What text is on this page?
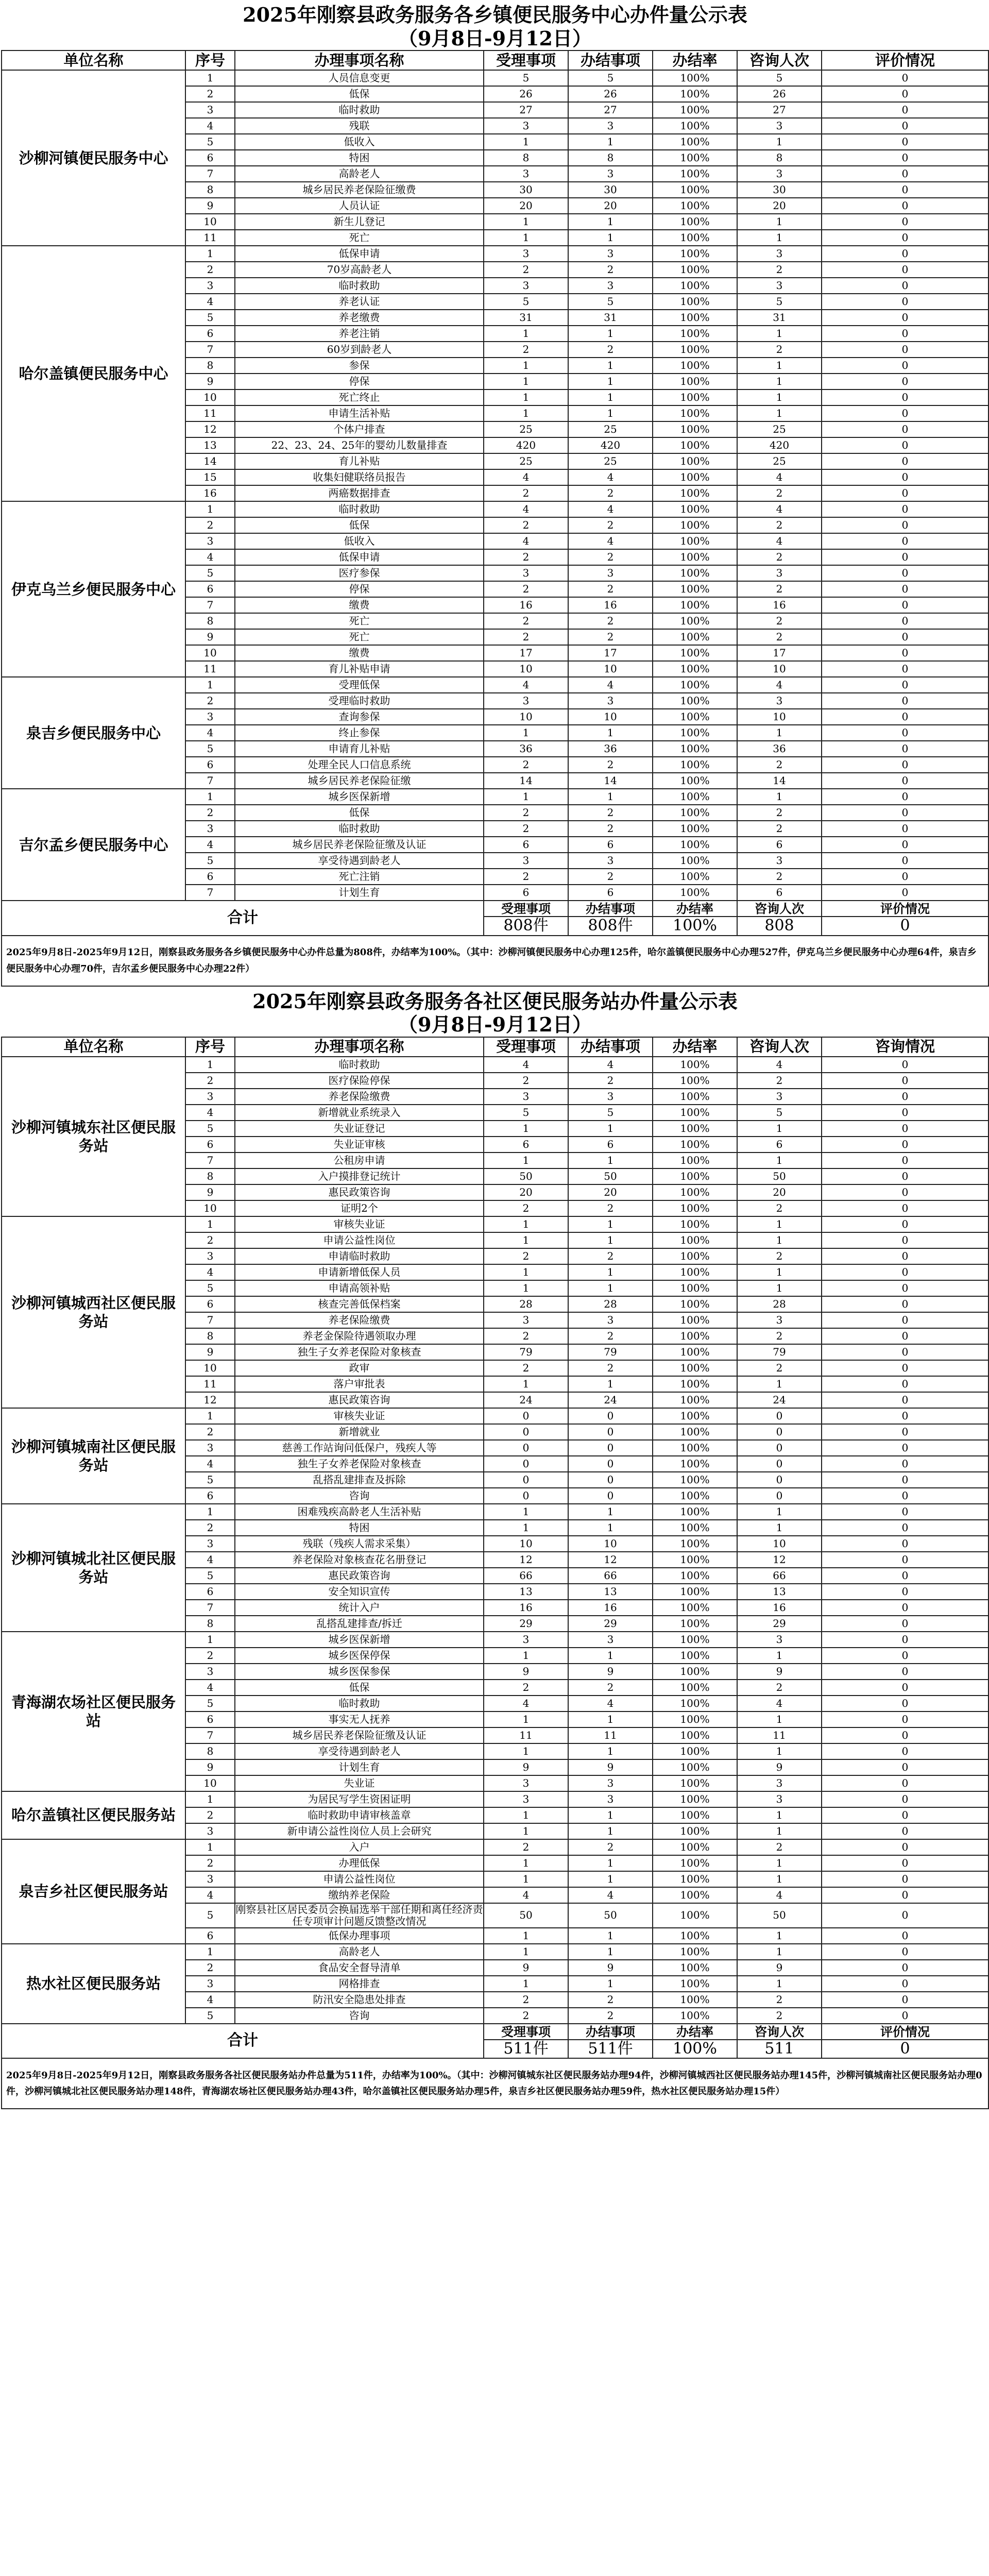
2025年刚察县政务服务各乡镇便民服务中心办件量公示表
（9月8日-9月12日）							

单位名称	序号	办理事项名称	受理事项	办结事项	办结率	咨询人次	评价情况
沙柳河镇便民服务中心	1	人员信息变更	5	5	100%	5	0
	2	低保	26	26	100%	26	0
	3	临时救助	27	27	100%	27	0
	4	残联	3	3	100%	3	0
	5	低收入	1	1	100%	1	0
	6	特困	8	8	100%	8	0
	7	高龄老人	3	3	100%	3	0
	8	城乡居民养老保险征缴费	30	30	100%	30	0
	9	人员认证	20	20	100%	20	0
	10	新生儿登记	1	1	100%	1	0
	11	死亡	1	1	100%	1	0
哈尔盖镇便民服务中心	1	低保申请	3	3	100%	3	0
	2	70岁高龄老人	2	2	100%	2	0
	3	临时救助	3	3	100%	3	0
	4	养老认证	5	5	100%	5	0
	5	养老缴费	31	31	100%	31	0
	6	养老注销	1	1	100%	1	0
	7	60岁到龄老人	2	2	100%	2	0
	8	参保	1	1	100%	1	0
	9	停保	1	1	100%	1	0
	10	死亡终止	1	1	100%	1	0
	11	申请生活补贴	1	1	100%	1	0
	12	个体户排查	25	25	100%	25	0
	13	22、23、24、25年的婴幼儿数量排查	420	420	100%	420	0
	14	育儿补贴	25	25	100%	25	0
	15	收集妇健联络员报告	4	4	100%	4	0
	16	两癌数据排查	2	2	100%	2	0
伊克乌兰乡便民服务中心	1	临时救助	4	4	100%	4	0
	2	低保	2	2	100%	2	0
	3	低收入	4	4	100%	4	0
	4	低保申请	2	2	100%	2	0
	5	医疗参保	3	3	100%	3	0
	6	停保	2	2	100%	2	0
	7	缴费	16	16	100%	16	0
	8	死亡	2	2	100%	2	0
	9	死亡	2	2	100%	2	0
	10	缴费	17	17	100%	17	0
	11	育儿补贴申请	10	10	100%	10	0
泉吉乡便民服务中心	1	受理低保	4	4	100%	4	0
	2	受理临时救助	3	3	100%	3	0
	3	查询参保	10	10	100%	10	0
	4	终止参保	1	1	100%	1	0
	5	申请育儿补贴	36	36	100%	36	0
	6	处理全民人口信息系统	2	2	100%	2	0
	7	城乡居民养老保险征缴	14	14	100%	14	0
吉尔孟乡便民服务中心	1	城乡医保新增	1	1	100%	1	0
	2	低保	2	2	100%	2	0
	3	临时救助	2	2	100%	2	0
	4	城乡居民养老保险征缴及认证	6	6	100%	6	0
	5	享受待遇到龄老人	3	3	100%	3	0
	6	死亡注销	2	2	100%	2	0
	7	计划生育	6	6	100%	6	0
合计			受理事项	办结事项	办结率	咨询人次	评价情况
			808件	808件	100%	808	0
2025年9月8日-2025年9月12日，刚察县政务服务各乡镇便民服务中心办件总量为808件，办结率为100%。（其中：沙柳河镇便民服务中心办理125件，哈尔盖镇便民服务中心办理527件，伊克乌兰乡便民服务中心办理64件，泉吉乡便民服务中心办理70件，吉尔孟乡便民服务中心办理22件）							
2025年刚察县政务服务各社区便民服务站办件量公示表
（9月8日-9月12日）							

单位名称	序号	办理事项名称	受理事项	办结事项	办结率	咨询人次	咨询情况
沙柳河镇城东社区便民服务站	1	临时救助	4	4	100%	4	0
	2	医疗保险停保	2	2	100%	2	0
	3	养老保险缴费	3	3	100%	3	0
	4	新增就业系统录入	5	5	100%	5	0
	5	失业证登记	1	1	100%	1	0
	6	失业证审核	6	6	100%	6	0
	7	公租房申请	1	1	100%	1	0
	8	入户摸排登记统计	50	50	100%	50	0
	9	惠民政策咨询	20	20	100%	20	0
	10	证明2个	2	2	100%	2	0
沙柳河镇城西社区便民服务站	1	审核失业证	1	1	100%	1	0
	2	申请公益性岗位	1	1	100%	1	0
	3	申请临时救助	2	2	100%	2	0
	4	申请新增低保人员	1	1	100%	1	0
	5	申请高领补贴	1	1	100%	1	0
	6	核查完善低保档案	28	28	100%	28	0
	7	养老保险缴费	3	3	100%	3	0
	8	养老金保险待遇领取办理	2	2	100%	2	0
	9	独生子女养老保险对象核查	79	79	100%	79	0
	10	政审	2	2	100%	2	0
	11	落户审批表	1	1	100%	1	0
	12	惠民政策咨询	24	24	100%	24	0
沙柳河镇城南社区便民服务站	1	审核失业证	0	0	100%	0	0
	2	新增就业	0	0	100%	0	0
	3	慈善工作站询问低保户，残疾人等	0	0	100%	0	0
	4	独生子女养老保险对象核查	0	0	100%	0	0
	5	乱搭乱建排查及拆除	0	0	100%	0	0
	6	咨询	0	0	100%	0	0
沙柳河镇城北社区便民服务站	1	困难残疾高龄老人生活补贴	1	1	100%	1	0
	2	特困	1	1	100%	1	0
	3	残联（残疾人需求采集）	10	10	100%	10	0
	4	养老保险对象核查花名册登记	12	12	100%	12	0
	5	惠民政策咨询	66	66	100%	66	0
	6	安全知识宣传	13	13	100%	13	0
	7	统计入户	16	16	100%	16	0
	8	乱搭乱建排查/拆迁	29	29	100%	29	0
青海湖农场社区便民服务站	1	城乡医保新增	3	3	100%	3	0
	2	城乡医保停保	1	1	100%	1	0
	3	城乡医保参保	9	9	100%	9	0
	4	低保	2	2	100%	2	0
	5	临时救助	4	4	100%	4	0
	6	事实无人抚养	1	1	100%	1	0
	7	城乡居民养老保险征缴及认证	11	11	100%	11	0
	8	享受待遇到龄老人	1	1	100%	1	0
	9	计划生育	9	9	100%	9	0
	10	失业证	3	3	100%	3	0
哈尔盖镇社区便民服务站	1	为居民写学生资困证明	3	3	100%	3	0
	2	临时救助申请审核盖章	1	1	100%	1	0
	3	新申请公益性岗位人员上会研究	1	1	100%	1	0
泉吉乡社区便民服务站	1	入户	2	2	100%	2	0
	2	办理低保	1	1	100%	1	0
	3	申请公益性岗位	1	1	100%	1	0
	4	缴纳养老保险	4	4	100%	4	0
	5	刚察县社区居民委员会换届选举干部任期和离任经济责任专项审计问题反馈整改情况	50	50	100%	50	0
	6	低保办理事项	1	1	100%	1	0
热水社区便民服务站	1	高龄老人	1	1	100%	1	0
	2	食品安全督导清单	9	9	100%	9	0
	3	网格排查	1	1	100%	1	0
	4	防汛安全隐患处排查	2	2	100%	2	0
	5	咨询	2	2	100%	2	0
合计			受理事项	办结事项	办结率	咨询人次	评价情况
			511件	511件	100%	511	0
2025年9月8日-2025年9月12日，刚察县政务服务各社区便民服务站办件总量为511件，办结率为100%。（其中：沙柳河镇城东社区便民服务站办理94件，沙柳河镇城西社区便民服务站办理145件，沙柳河镇城南社区便民服务站办理0件，沙柳河镇城北社区便民服务站办理148件，青海湖农场社区便民服务站办理43件，哈尔盖镇社区便民服务站办理5件，泉吉乡社区便民服务站办理59件，热水社区便民服务站办理15件）							
